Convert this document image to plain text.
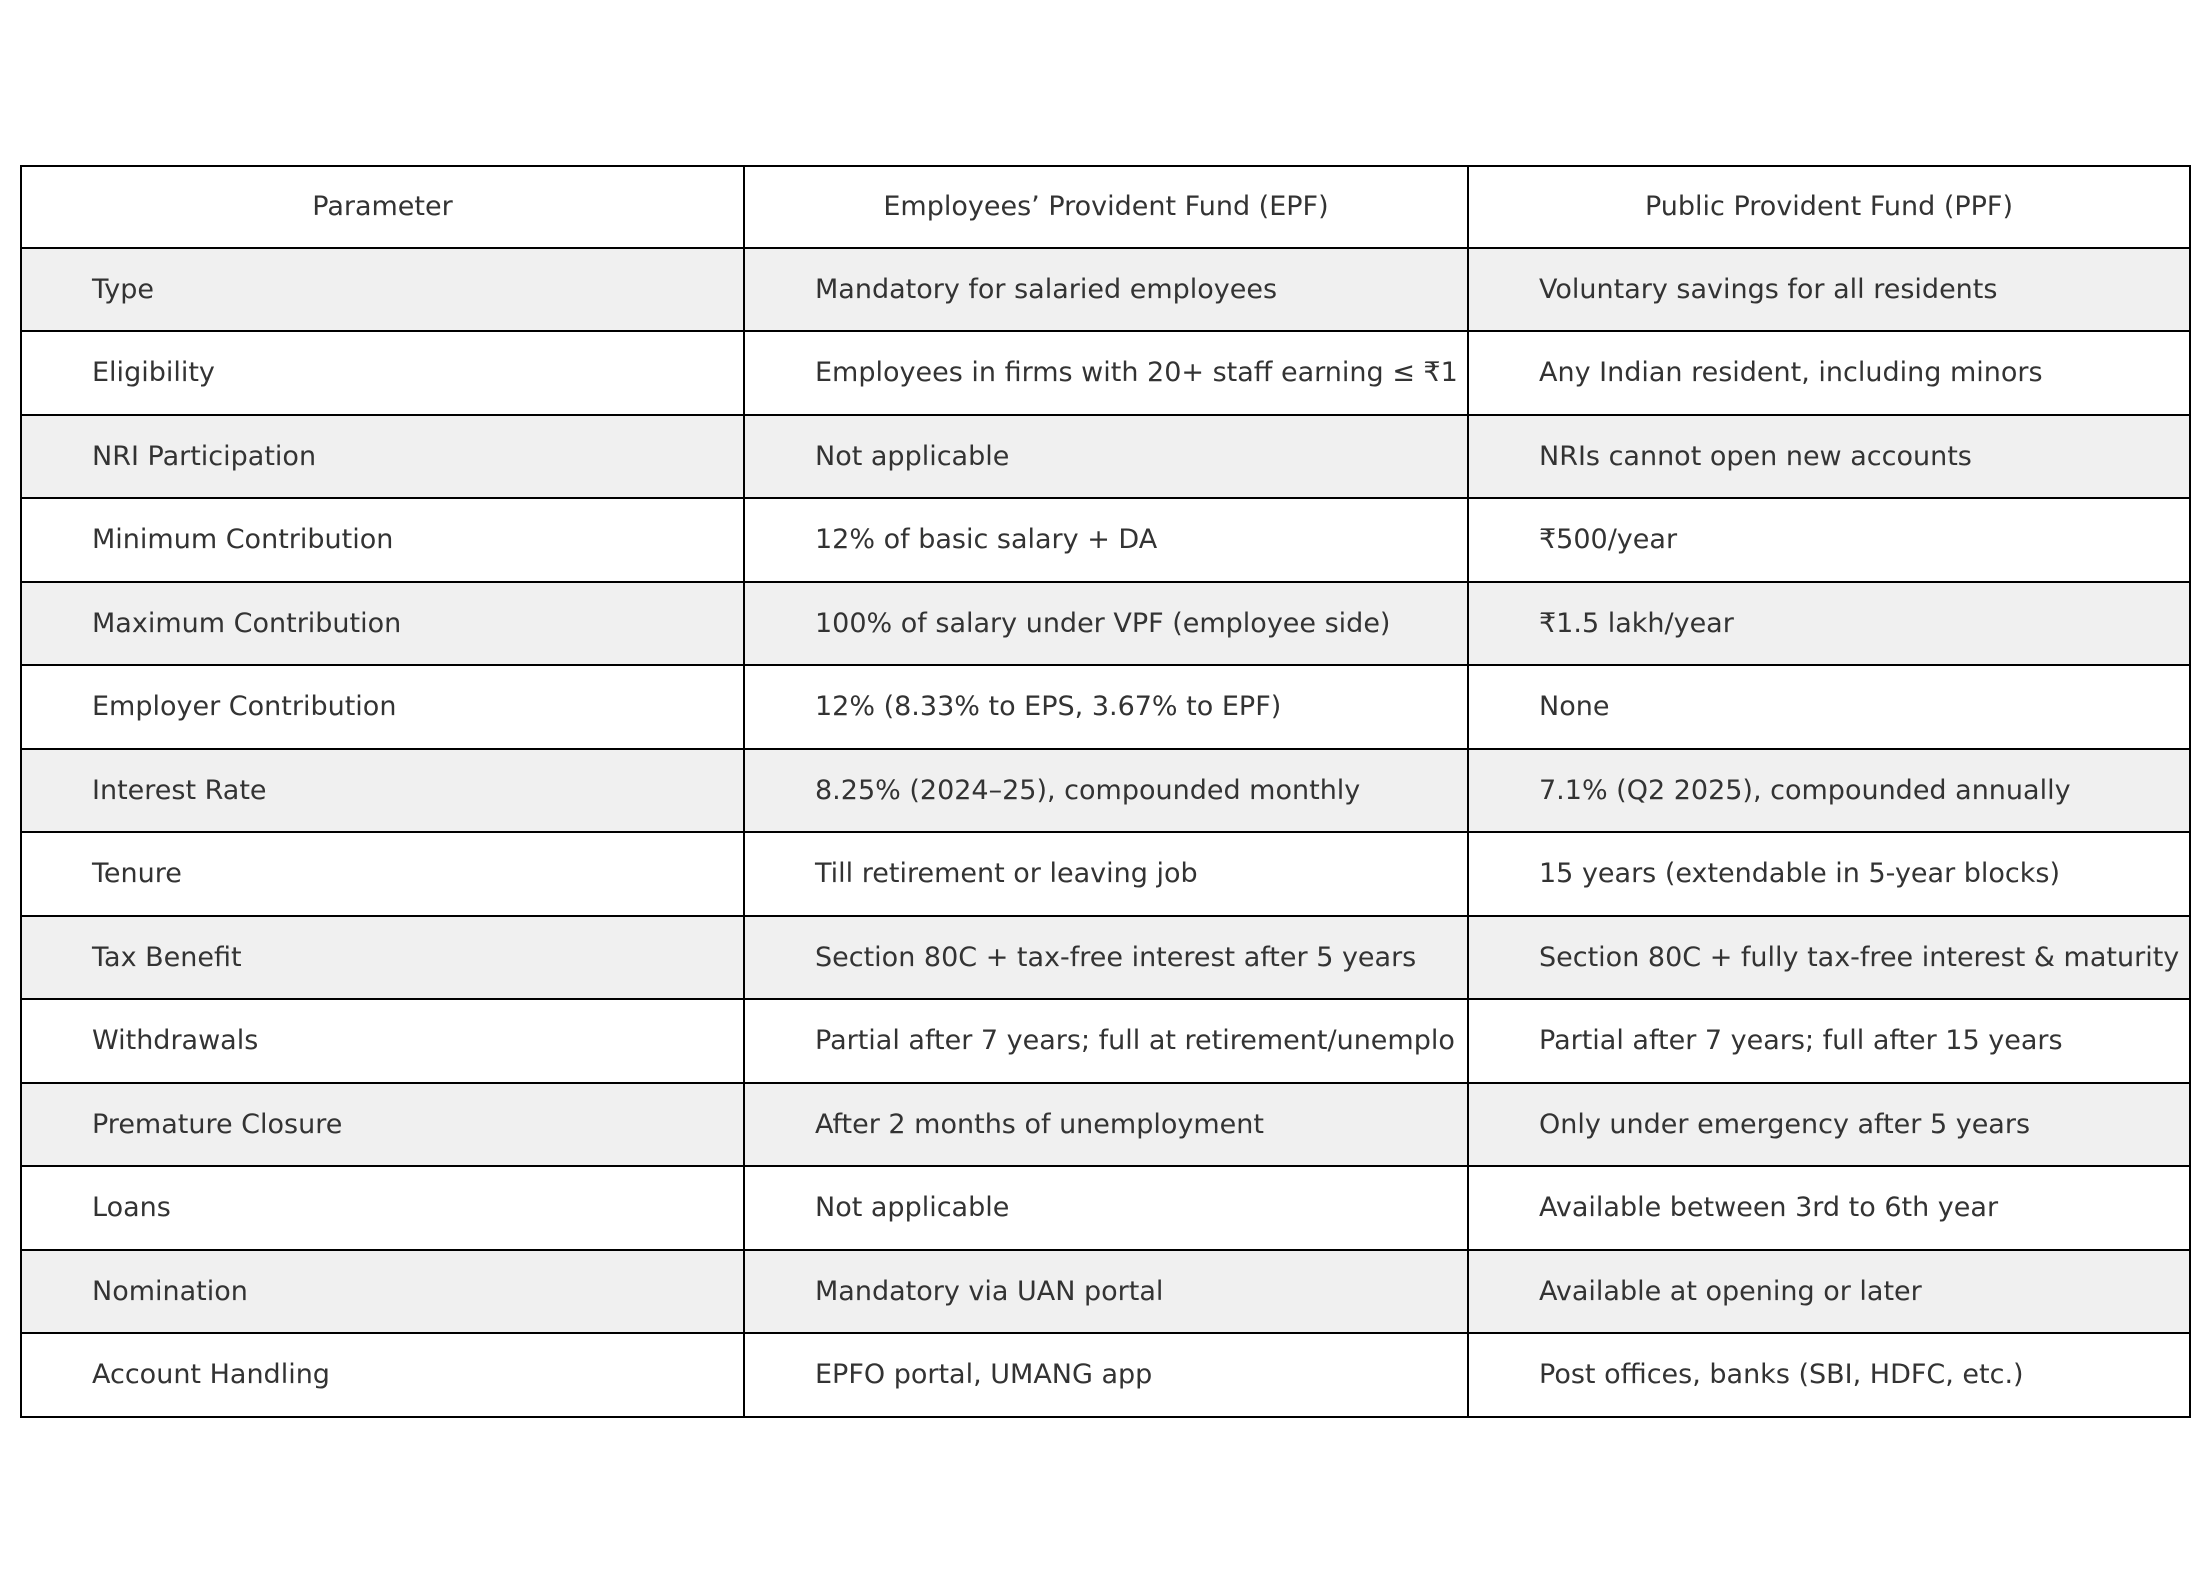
Parameter	Employees’ Provident Fund (EPF)	Public Provident Fund (PPF)
Type	Mandatory for salaried employees	Voluntary savings for all residents
Eligibility	Employees in firms with 20+ staff earning ≤ ₹1	Any Indian resident, including minors
NRI Participation	Not applicable	NRIs cannot open new accounts
Minimum Contribution	12% of basic salary + DA	₹500/year
Maximum Contribution	100% of salary under VPF (employee side)	₹1.5 lakh/year
Employer Contribution	12% (8.33% to EPS, 3.67% to EPF)	None
Interest Rate	8.25% (2024–25), compounded monthly	7.1% (Q2 2025), compounded annually
Tenure	Till retirement or leaving job	15 years (extendable in 5-year blocks)
Tax Benefit	Section 80C + tax-free interest after 5 years	Section 80C + fully tax-free interest & maturity
Withdrawals	Partial after 7 years; full at retirement/unemplo	Partial after 7 years; full after 15 years
Premature Closure	After 2 months of unemployment	Only under emergency after 5 years
Loans	Not applicable	Available between 3rd to 6th year
Nomination	Mandatory via UAN portal	Available at opening or later
Account Handling	EPFO portal, UMANG app	Post offices, banks (SBI, HDFC, etc.)
